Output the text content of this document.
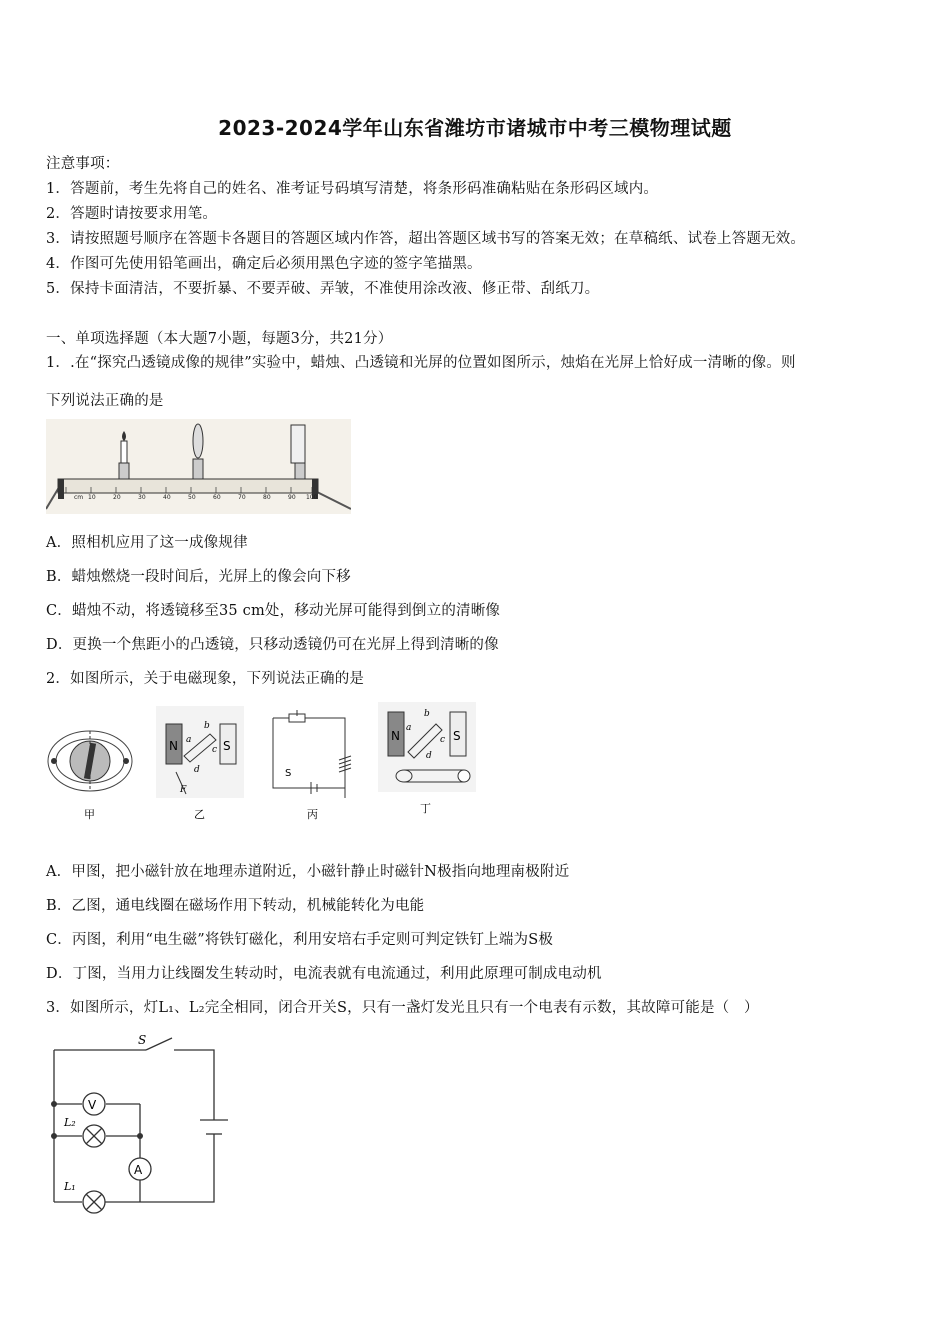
2023-2024学年山东省潍坊市诸城市中考三模物理试题
注意事项：
1．答题前，考生先将自己的姓名、准考证号码填写清楚，将条形码准确粘贴在条形码区域内。
2．答题时请按要求用笔。
3．请按照题号顺序在答题卡各题目的答题区域内作答，超出答题区域书写的答案无效；在草稿纸、试卷上答题无效。
4．作图可先使用铅笔画出，确定后必须用黑色字迹的签字笔描黑。
5．保持卡面清洁，不要折暴、不要弄破、弄皱，不准使用涂改液、修正带、刮纸刀。
一、单项选择题（本大题7小题，每题3分，共21分）
1．.在“探究凸透镜成像的规律”实验中，蜡烛、凸透镜和光屏的位置如图所示，烛焰在光屏上恰好成一清晰的像。则
下列说法正确的是
cm 10	20	30	40	50	60	70	80	90 100
A．照相机应用了这一成像规律
B．蜡烛燃烧一段时间后，光屏上的像会向下移
C．蜡烛不动，将透镜移至35 cm处，移动光屏可能得到倒立的清晰像
D．更换一个焦距小的凸透镜，只移动透镜仍可在光屏上得到清晰的像
2．如图所示，关于电磁现象，下列说法正确的是
甲
N	S
a
b
c
d
F
乙
S
丙
N	S
a
b
c
d
丁
A．甲图，把小磁针放在地理赤道附近，小磁针静止时磁针N极指向地理南极附近
B．乙图，通电线圈在磁场作用下转动，机械能转化为电能
C．丙图，利用“电生磁”将铁钉磁化，利用安培右手定则可判定铁钉上端为S极
D．丁图，当用力让线圈发生转动时，电流表就有电流通过，利用此原理可制成电动机
3．如图所示，灯L₁、L₂完全相同，闭合开关S，只有一盏灯发光且只有一个电表有示数，其故障可能是（　）
S
V
L₂
A
L₁
